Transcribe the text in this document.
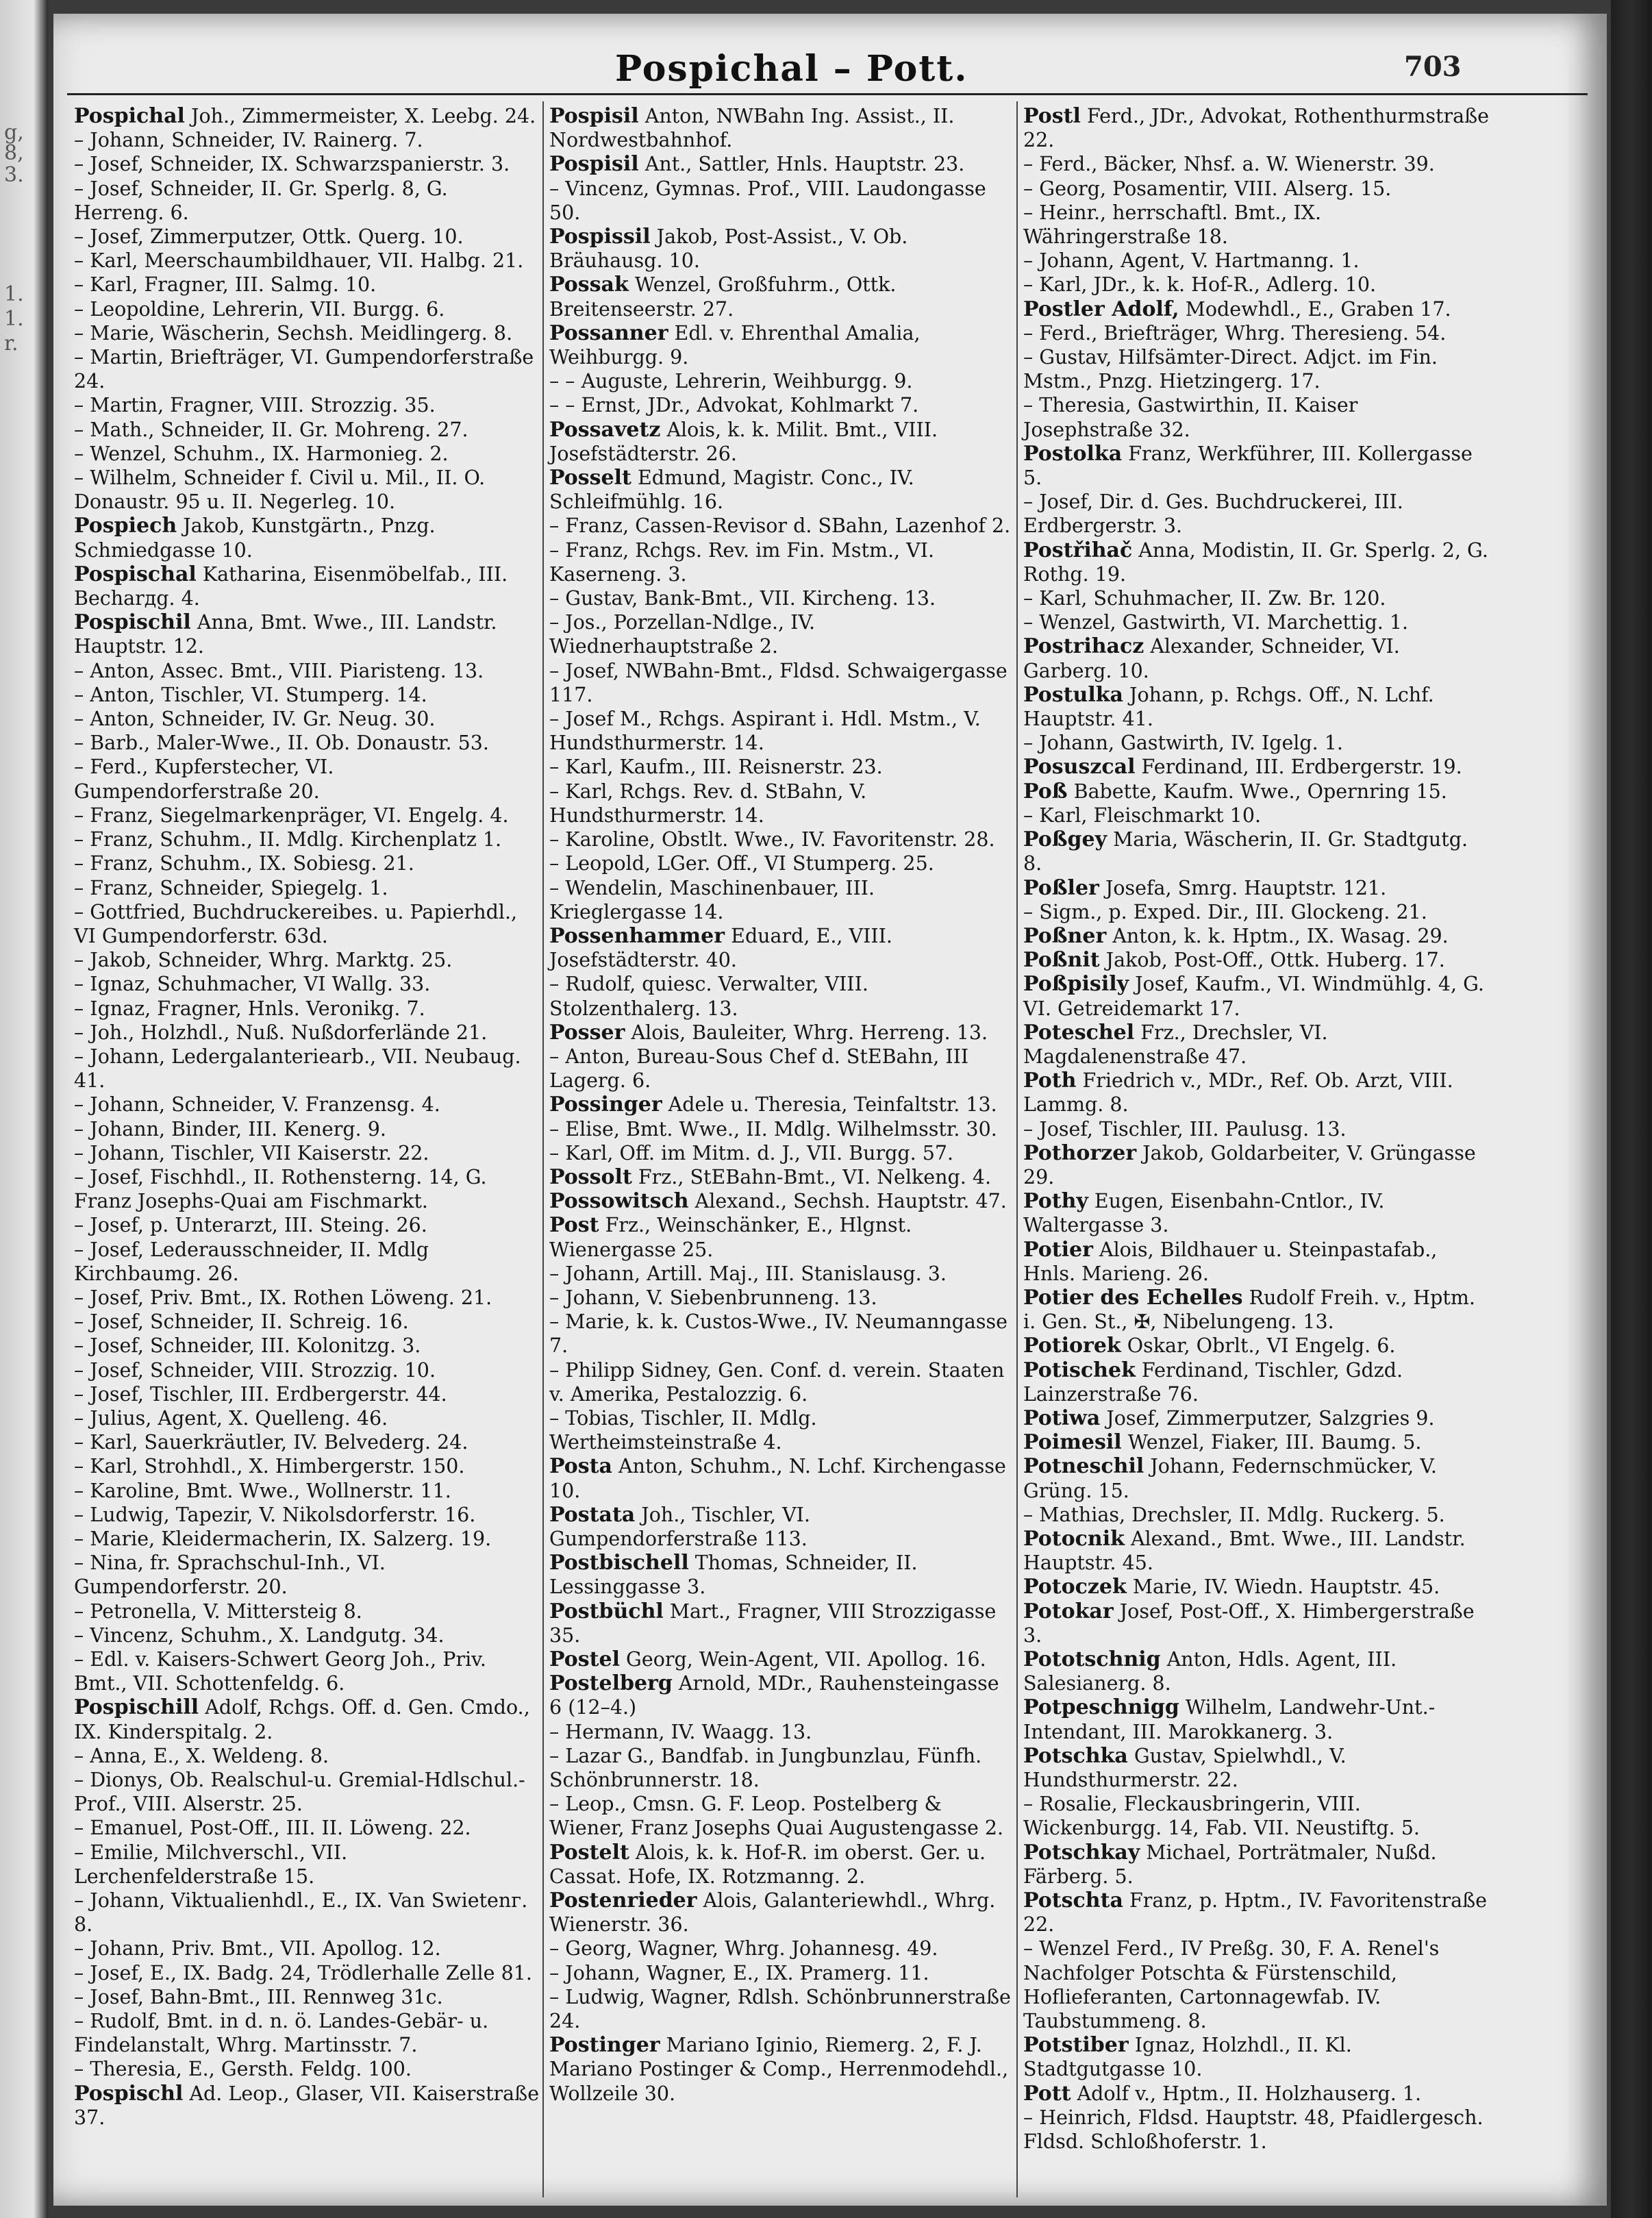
g,
8,
3.
1.
1.
r.
Pospichal – Pott.	703
Pospichal Joh., Zimmermeister, X. Leebg. 24.
– Johann, Schneider, IV. Rainerg. 7.
– Josef, Schneider, IX. Schwarzspanierstr. 3.
– Josef, Schneider, II. Gr. Sperlg. 8, G. Herreng. 6.
– Josef, Zimmerputzer, Ottk. Querg. 10.
– Karl, Meerschaumbildhauer, VII. Halbg. 21.
– Karl, Fragner, III. Salmg. 10.
– Leopoldine, Lehrerin, VII. Burgg. 6.
– Marie, Wäscherin, Sechsh. Meidlingerg. 8.
– Martin, Briefträger, VI. Gumpendorferstraße 24.
– Martin, Fragner, VIII. Strozzig. 35.
– Math., Schneider, II. Gr. Mohreng. 27.
– Wenzel, Schuhm., IX. Harmonieg. 2.
– Wilhelm, Schneider f. Civil u. Mil., II. O. Donaustr. 95 u. II. Negerleg. 10.
Pospiech Jakob, Kunstgärtn., Pnzg. Schmiedgasse 10.
Pospischal Katharina, Eisenmöbelfab., III. Becharдg. 4.
Pospischil Anna, Bmt. Wwe., III. Landstr. Hauptstr. 12.
– Anton, Assec. Bmt., VIII. Piaristeng. 13.
– Anton, Tischler, VI. Stumperg. 14.
– Anton, Schneider, IV. Gr. Neug. 30.
– Barb., Maler-Wwe., II. Ob. Donaustr. 53.
– Ferd., Kupferstecher, VI. Gumpendorferstraße 20.
– Franz, Siegelmarkenpräger, VI. Engelg. 4.
– Franz, Schuhm., II. Mdlg. Kirchenplatz 1.
– Franz, Schuhm., IX. Sobiesg. 21.
– Franz, Schneider, Spiegelg. 1.
– Gottfried, Buchdruckereibes. u. Papierhdl., VI Gumpendorferstr. 63d.
– Jakob, Schneider, Whrg. Marktg. 25.
– Ignaz, Schuhmacher, VI Wallg. 33.
– Ignaz, Fragner, Hnls. Veronikg. 7.
– Joh., Holzhdl., Nuß. Nußdorferlände 21.
– Johann, Ledergalanteriearb., VII. Neubaug. 41.
– Johann, Schneider, V. Franzensg. 4.
– Johann, Binder, III. Kenerg. 9.
– Johann, Tischler, VII Kaiserstr. 22.
– Josef, Fischhdl., II. Rothensterng. 14, G. Franz Josephs-Quai am Fischmarkt.
– Josef, p. Unterarzt, III. Steing. 26.
– Josef, Lederausschneider, II. Mdlg Kirchbaumg. 26.
– Josef, Priv. Bmt., IX. Rothen Löweng. 21.
– Josef, Schneider, II. Schreig. 16.
– Josef, Schneider, III. Kolonitzg. 3.
– Josef, Schneider, VIII. Strozzig. 10.
– Josef, Tischler, III. Erdbergerstr. 44.
– Julius, Agent, X. Quelleng. 46.
– Karl, Sauerkräutler, IV. Belvederg. 24.
– Karl, Strohhdl., X. Himbergerstr. 150.
– Karoline, Bmt. Wwe., Wollnerstr. 11.
– Ludwig, Tapezir, V. Nikolsdorferstr. 16.
– Marie, Kleidermacherin, IX. Salzerg. 19.
– Nina, fr. Sprachschul-Inh., VI. Gumpendorferstr. 20.
– Petronella, V. Mittersteig 8.
– Vincenz, Schuhm., X. Landgutg. 34.
– Edl. v. Kaisers-Schwert Georg Joh., Priv. Bmt., VII. Schottenfeldg. 6.
Pospischill Adolf, Rchgs. Off. d. Gen. Cmdo., IX. Kinderspitalg. 2.
– Anna, E., X. Weldeng. 8.
– Dionys, Ob. Realschul-u. Gremial-Hdlschul.-Prof., VIII. Alserstr. 25.
– Emanuel, Post-Off., III. II. Löweng. 22.
– Emilie, Milchverschl., VII. Lerchenfelderstraße 15.
– Johann, Viktualienhdl., E., IX. Van Swietenг. 8.
– Johann, Priv. Bmt., VII. Apollog. 12.
– Josef, E., IX. Badg. 24, Trödlerhalle Zelle 81.
– Josef, Bahn-Bmt., III. Rennweg 31c.
– Rudolf, Bmt. in d. n. ö. Landes-Gebär- u. Findelanstalt, Whrg. Martinsstr. 7.
– Theresia, E., Gersth. Feldg. 100.
Pospischl Ad. Leop., Glaser, VII. Kaiserstraße 37.
Pospisil Anton, NWBahn Ing. Assist., II. Nordwestbahnhof.
Pospisil Ant., Sattler, Hnls. Hauptstr. 23.
– Vincenz, Gymnas. Prof., VIII. Laudongasse 50.
Pospissil Jakob, Post-Assist., V. Ob. Bräuhausg. 10.
Possak Wenzel, Großfuhrm., Ottk. Breitenseerstr. 27.
Possanner Edl. v. Ehrenthal Amalia, Weihburgg. 9.
– – Auguste, Lehrerin, Weihburgg. 9.
– – Ernst, JDr., Advokat, Kohlmarkt 7.
Possavetz Alois, k. k. Milit. Bmt., VIII. Josefstädterstr. 26.
Posselt Edmund, Magistr. Conc., IV. Schleifmühlg. 16.
– Franz, Cassen-Revisor d. SBahn, Lazenhof 2.
– Franz, Rchgs. Rev. im Fin. Mstm., VI. Kaserneng. 3.
– Gustav, Bank-Bmt., VII. Kircheng. 13.
– Jos., Porzellan-Ndlge., IV. Wiednerhauptstraße 2.
– Josef, NWBahn-Bmt., Fldsd. Schwaigergasse 117.
– Josef M., Rchgs. Aspirant i. Hdl. Mstm., V. Hundsthurmerstr. 14.
– Karl, Kaufm., III. Reisnerstr. 23.
– Karl, Rchgs. Rev. d. StBahn, V. Hundsthurmerstr. 14.
– Karoline, Obstlt. Wwe., IV. Favoritenstr. 28.
– Leopold, LGer. Off., VI Stumperg. 25.
– Wendelin, Maschinenbauer, III. Krieglergasse 14.
Possenhammer Eduard, E., VIII. Josefstädterstr. 40.
– Rudolf, quiesc. Verwalter, VIII. Stolzenthalerg. 13.
Posser Alois, Bauleiter, Whrg. Herreng. 13.
– Anton, Bureau-Sous Chef d. StEBahn, III Lagerg. 6.
Possinger Adele u. Theresia, Teinfaltstr. 13.
– Elise, Bmt. Wwe., II. Mdlg. Wilhelmsstr. 30.
– Karl, Off. im Mitm. d. J., VII. Burgg. 57.
Possolt Frz., StEBahn-Bmt., VI. Nelkeng. 4.
Possowitsch Alexand., Sechsh. Hauptstr. 47.
Post Frz., Weinschänker, E., Hlgnst. Wienergasse 25.
– Johann, Artill. Maj., III. Stanislausg. 3.
– Johann, V. Siebenbrunneng. 13.
– Marie, k. k. Custos-Wwe., IV. Neumanngasse 7.
– Philipp Sidney, Gen. Conf. d. verein. Staaten v. Amerika, Pestalozzig. 6.
– Tobias, Tischler, II. Mdlg. Wertheimsteinstraße 4.
Posta Anton, Schuhm., N. Lchf. Kirchengasse 10.
Postata Joh., Tischler, VI. Gumpendorferstraße 113.
Postbischell Thomas, Schneider, II. Lessinggasse 3.
Postbüchl Mart., Fragner, VIII Strozzigasse 35.
Postel Georg, Wein-Agent, VII. Apollog. 16.
Postelberg Arnold, MDr., Rauhensteingasse 6 (12–4.)
– Hermann, IV. Waagg. 13.
– Lazar G., Bandfab. in Jungbunzlau, Fünfh. Schönbrunnerstr. 18.
– Leop., Cmsn. G. F. Leop. Postelberg & Wiener, Franz Josephs Quai Augustengasse 2.
Postelt Alois, k. k. Hof-R. im oberst. Ger. u. Cassat. Hofe, IX. Rotzmanng. 2.
Postenrieder Alois, Galanteriewhdl., Whrg. Wienerstr. 36.
– Georg, Wagner, Whrg. Johannesg. 49.
– Johann, Wagner, E., IX. Pramerg. 11.
– Ludwig, Wagner, Rdlsh. Schönbrunnerstraße 24.
Postinger Mariano Iginio, Riemerg. 2, F. J. Mariano Postinger & Comp., Herrenmodehdl., Wollzeile 30.
Postl Ferd., JDr., Advokat, Rothenthurmstraße 22.
– Ferd., Bäcker, Nhsf. a. W. Wienerstr. 39.
– Georg, Posamentir, VIII. Alserg. 15.
– Heinr., herrschaftl. Bmt., IX. Währingerstraße 18.
– Johann, Agent, V. Hartmanng. 1.
– Karl, JDr., k. k. Hof-R., Adlerg. 10.
Postler Adolf, Modewhdl., E., Graben 17.
– Ferd., Briefträger, Whrg. Theresieng. 54.
– Gustav, Hilfsämter-Direct. Adjct. im Fin. Mstm., Pnzg. Hietzingerg. 17.
– Theresia, Gastwirthin, II. Kaiser Josephstraße 32.
Postolka Franz, Werkführer, III. Kollergasse 5.
– Josef, Dir. d. Ges. Buchdruckerei, III. Erdbergerstr. 3.
Postřihač Anna, Modistin, II. Gr. Sperlg. 2, G. Rothg. 19.
– Karl, Schuhmacher, II. Zw. Br. 120.
– Wenzel, Gastwirth, VI. Marchettig. 1.
Postrihacz Alexander, Schneider, VI. Garberg. 10.
Postulka Johann, p. Rchgs. Off., N. Lchf. Hauptstr. 41.
– Johann, Gastwirth, IV. Igelg. 1.
Posuszcal Ferdinand, III. Erdbergerstr. 19.
Poß Babette, Kaufm. Wwe., Opernring 15.
– Karl, Fleischmarkt 10.
Poßgey Maria, Wäscherin, II. Gr. Stadtgutg. 8.
Poßler Josefa, Smrg. Hauptstr. 121.
– Sigm., p. Exped. Dir., III. Glockeng. 21.
Poßner Anton, k. k. Hptm., IX. Wasag. 29.
Poßnit Jakob, Post-Off., Ottk. Huberg. 17.
Poßpisily Josef, Kaufm., VI. Windmühlg. 4, G. VI. Getreidemarkt 17.
Poteschel Frz., Drechsler, VI. Magdalenenstraße 47.
Poth Friedrich v., MDr., Ref. Ob. Arzt, VIII. Lammg. 8.
– Josef, Tischler, III. Paulusg. 13.
Pothorzer Jakob, Goldarbeiter, V. Grüngasse 29.
Pothy Eugen, Eisenbahn-Cntlor., IV. Waltergasse 3.
Potier Alois, Bildhauer u. Steinpastafab., Hnls. Marieng. 26.
Potier des Echelles Rudolf Freih. v., Hptm. i. Gen. St., ✠, Nibelungeng. 13.
Potiorek Oskar, Obrlt., VI Engelg. 6.
Potischek Ferdinand, Tischler, Gdzd. Lainzerstraße 76.
Potiwa Josef, Zimmerputzer, Salzgries 9.
Poimesil Wenzel, Fiaker, III. Baumg. 5.
Potneschil Johann, Federnschmücker, V. Grüng. 15.
– Mathias, Drechsler, II. Mdlg. Ruckerg. 5.
Potocnik Alexand., Bmt. Wwe., III. Landstr. Hauptstr. 45.
Potoczek Marie, IV. Wiedn. Hauptstr. 45.
Potokar Josef, Post-Off., X. Himbergerstraße 3.
Pototschnig Anton, Hdls. Agent, III. Salesianerg. 8.
Potpeschnigg Wilhelm, Landwehr-Unt.-Intendant, III. Marokkanerg. 3.
Potschka Gustav, Spielwhdl., V. Hundsthurmerstr. 22.
– Rosalie, Fleckausbringerin, VIII. Wickenburgg. 14, Fab. VII. Neustiftg. 5.
Potschkay Michael, Porträtmaler, Nußd. Färberg. 5.
Potschta Franz, p. Hptm., IV. Favoritenstraße 22.
– Wenzel Ferd., IV Preßg. 30, F. A. Renel's Nachfolger Potschta & Fürstenschild, Hoflieferanten, Cartonnagewfab. IV. Taubstummeng. 8.
Potstiber Ignaz, Holzhdl., II. Kl. Stadtgutgasse 10.
Pott Adolf v., Hptm., II. Holzhauserg. 1.
– Heinrich, Fldsd. Hauptstr. 48, Pfaidlergesch. Fldsd. Schloßhoferstr. 1.
